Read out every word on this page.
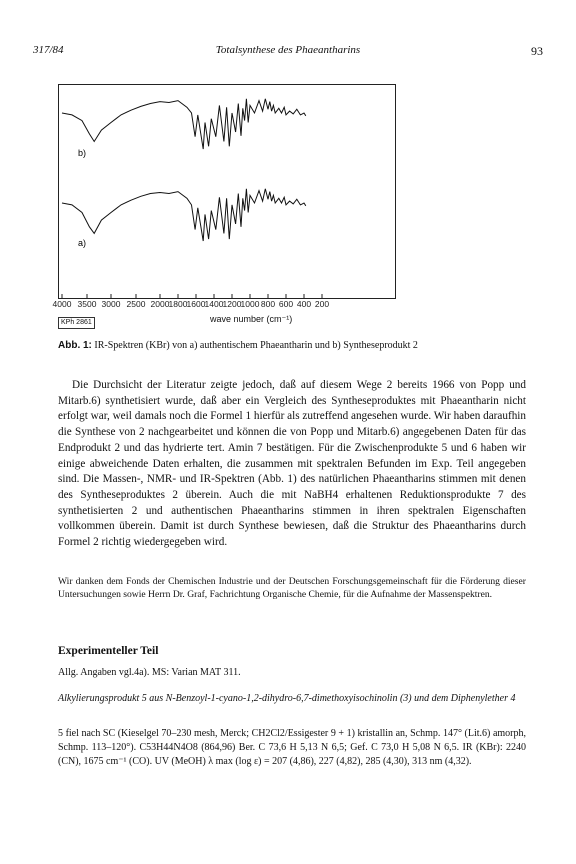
317/84	Totalsynthese des Phaeantharins	93
b)
a)
4000 3500 3000 2500 2000 1800 1600 1400 1200 1000 800 600 400 200
KPh 2861	wave number (cm⁻¹)
Abb. 1: IR-Spektren (KBr) von a) authentischem Phaeantharin und b) Syntheseprodukt 2

Die Durchsicht der Literatur zeigte jedoch, daß auf diesem Wege 2 bereits 1966 von Popp und Mitarb.6) synthetisiert wurde, daß aber ein Vergleich des Syntheseproduktes mit Phaeantharin nicht erfolgt war, weil damals noch die Formel 1 hierfür als zutreffend angesehen wurde. Wir haben daraufhin die Synthese von 2 nachgearbeitet und können die von Popp und Mitarb.6) angegebenen Daten für das Endprodukt 2 und das hydrierte tert. Amin 7 bestätigen. Für die Zwischenprodukte 5 und 6 haben wir einige abweichende Daten erhalten, die zusammen mit spektralen Befunden im Exp. Teil angegeben sind. Die Massen-, NMR- und IR-Spektren (Abb. 1) des natürlichen Phaeantharins stimmen mit denen des Syntheseproduktes 2 überein. Auch die mit NaBH4 erhaltenen Reduktionsprodukte 7 des synthetisierten 2 und authentischen Phaeantharins stimmen in ihren spektralen Eigenschaften vollkommen überein. Damit ist durch Synthese bewiesen, daß die Struktur des Phaeantharins durch Formel 2 richtig wiedergegeben wird.

Wir danken dem Fonds der Chemischen Industrie und der Deutschen Forschungsgemeinschaft für die Förderung dieser Untersuchungen sowie Herrn Dr. Graf, Fachrichtung Organische Chemie, für die Aufnahme der Massenspektren.

Experimenteller Teil
Allg. Angaben vgl.4a). MS: Varian MAT 311.

Alkylierungsprodukt 5 aus N-Benzoyl-1-cyano-1,2-dihydro-6,7-dimethoxyisochinolin (3) und dem Diphenylether 4

5 fiel nach SC (Kieselgel 70–230 mesh, Merck; CH2Cl2/Essigester 9 + 1) kristallin an, Schmp. 147° (Lit.6) amorph, Schmp. 113–120°). C53H44N4O8 (864,96) Ber. C 73,6 H 5,13 N 6,5; Gef. C 73,0 H 5,08 N 6,5. IR (KBr): 2240 (CN), 1675 cm⁻¹ (CO). UV (MeOH) λ max (log ε) = 207 (4,86), 227 (4,82), 285 (4,30), 313 nm (4,32).
